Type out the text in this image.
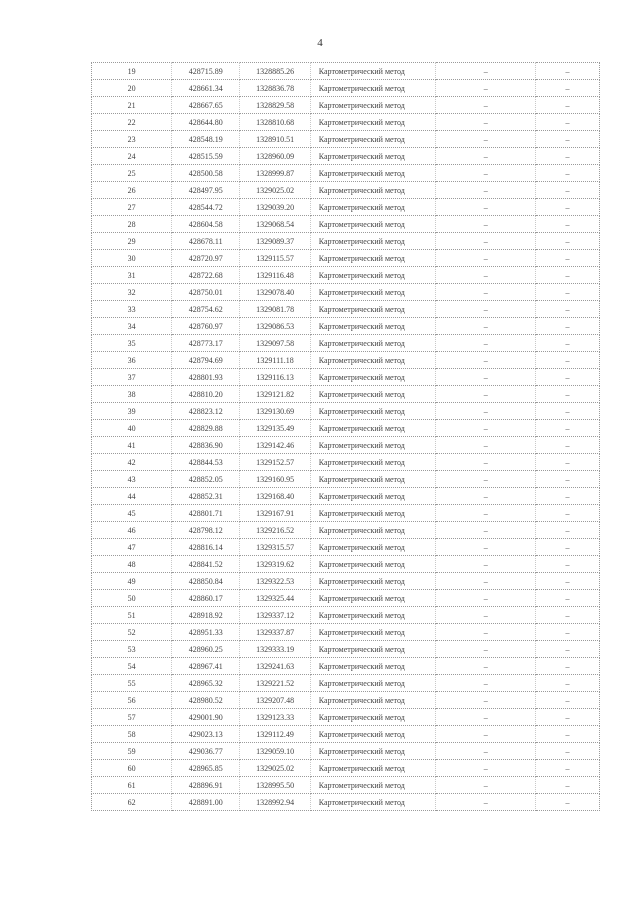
4
19	428715.89	1328885.26	Картометрический метод	–	–
20	428661.34	1328836.78	Картометрический метод	–	–
21	428667.65	1328829.58	Картометрический метод	–	–
22	428644.80	1328810.68	Картометрический метод	–	–
23	428548.19	1328910.51	Картометрический метод	–	–
24	428515.59	1328960.09	Картометрический метод	–	–
25	428500.58	1328999.87	Картометрический метод	–	–
26	428497.95	1329025.02	Картометрический метод	–	–
27	428544.72	1329039.20	Картометрический метод	–	–
28	428604.58	1329068.54	Картометрический метод	–	–
29	428678.11	1329089.37	Картометрический метод	–	–
30	428720.97	1329115.57	Картометрический метод	–	–
31	428722.68	1329116.48	Картометрический метод	–	–
32	428750.01	1329078.40	Картометрический метод	–	–
33	428754.62	1329081.78	Картометрический метод	–	–
34	428760.97	1329086.53	Картометрический метод	–	–
35	428773.17	1329097.58	Картометрический метод	–	–
36	428794.69	1329111.18	Картометрический метод	–	–
37	428801.93	1329116.13	Картометрический метод	–	–
38	428810.20	1329121.82	Картометрический метод	–	–
39	428823.12	1329130.69	Картометрический метод	–	–
40	428829.88	1329135.49	Картометрический метод	–	–
41	428836.90	1329142.46	Картометрический метод	–	–
42	428844.53	1329152.57	Картометрический метод	–	–
43	428852.05	1329160.95	Картометрический метод	–	–
44	428852.31	1329168.40	Картометрический метод	–	–
45	428801.71	1329167.91	Картометрический метод	–	–
46	428798.12	1329216.52	Картометрический метод	–	–
47	428816.14	1329315.57	Картометрический метод	–	–
48	428841.52	1329319.62	Картометрический метод	–	–
49	428850.84	1329322.53	Картометрический метод	–	–
50	428860.17	1329325.44	Картометрический метод	–	–
51	428918.92	1329337.12	Картометрический метод	–	–
52	428951.33	1329337.87	Картометрический метод	–	–
53	428960.25	1329333.19	Картометрический метод	–	–
54	428967.41	1329241.63	Картометрический метод	–	–
55	428965.32	1329221.52	Картометрический метод	–	–
56	428980.52	1329207.48	Картометрический метод	–	–
57	429001.90	1329123.33	Картометрический метод	–	–
58	429023.13	1329112.49	Картометрический метод	–	–
59	429036.77	1329059.10	Картометрический метод	–	–
60	428965.85	1329025.02	Картометрический метод	–	–
61	428896.91	1328995.50	Картометрический метод	–	–
62	428891.00	1328992.94	Картометрический метод	–	–
